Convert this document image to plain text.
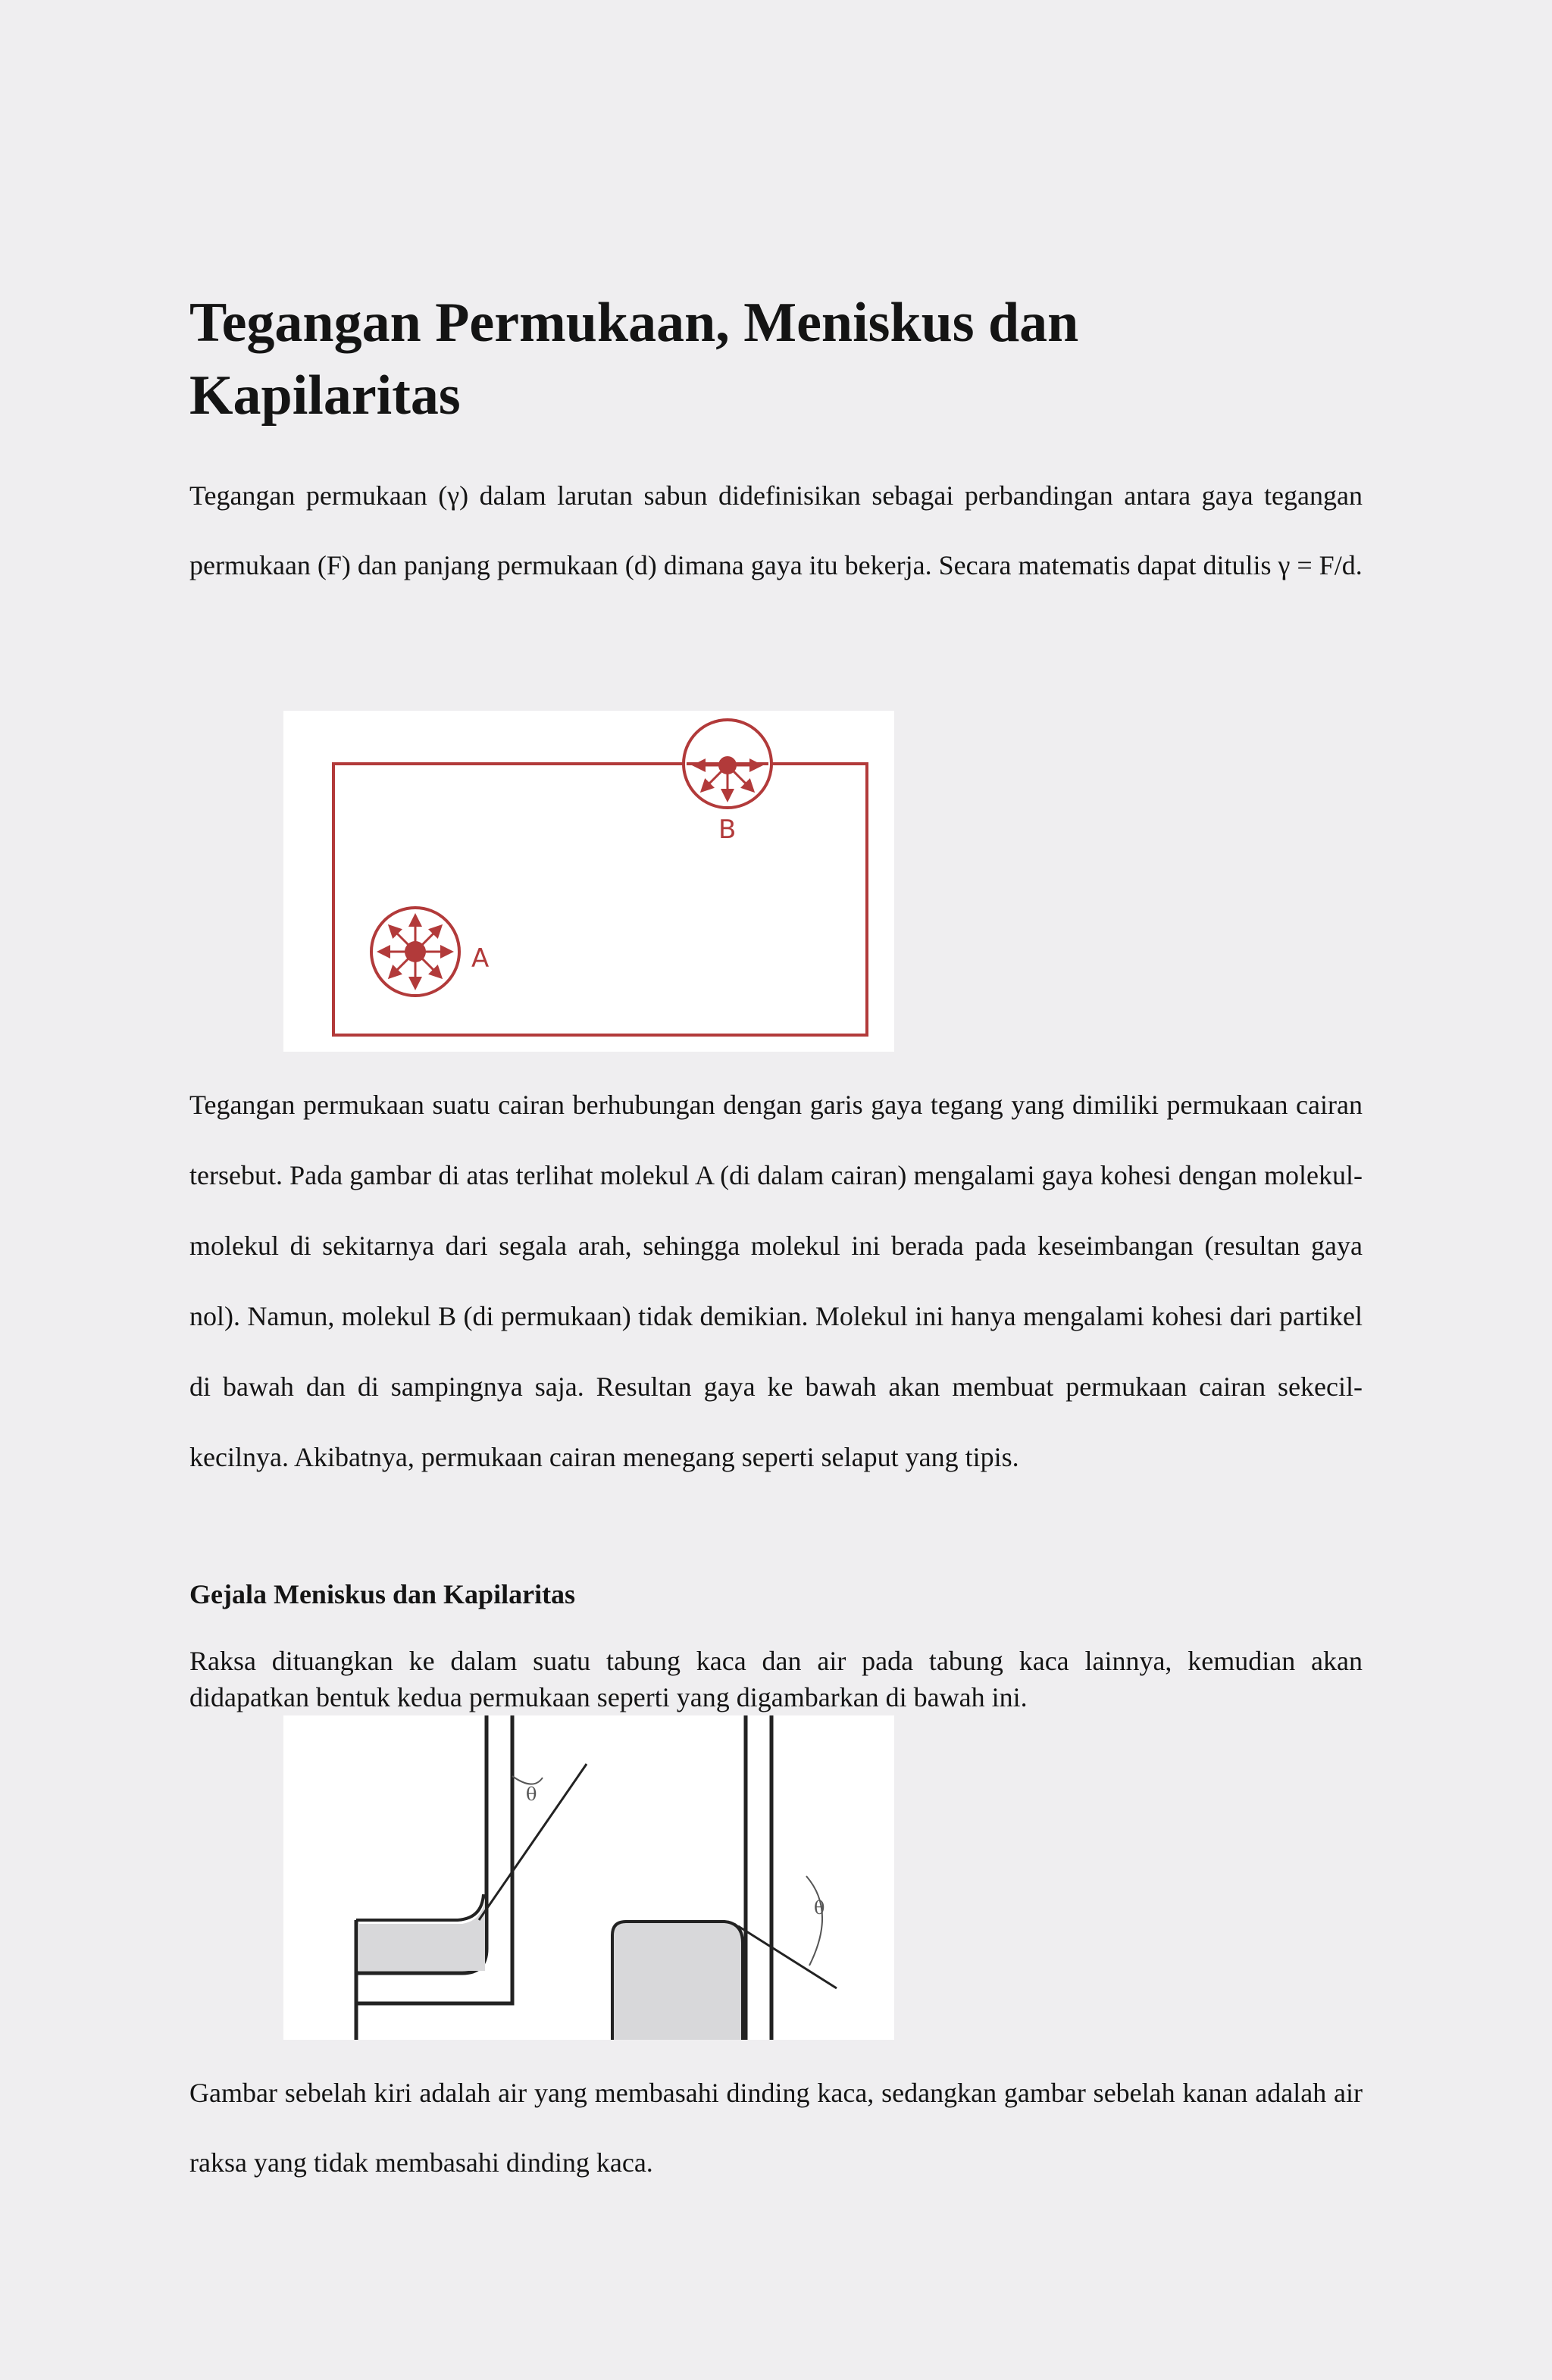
Tegangan Permukaan, Meniskus dan Kapilaritas

Tegangan permukaan (γ) dalam larutan sabun didefinisikan sebagai perbandingan antara gaya tegangan permukaan (F) dan panjang permukaan (d) dimana gaya itu bekerja. Secara matematis dapat ditulis γ = F/d.

Tegangan permukaan suatu cairan berhubungan dengan garis gaya tegang yang dimiliki permukaan cairan tersebut. Pada gambar di atas terlihat molekul A (di dalam cairan) mengalami gaya kohesi dengan molekul-molekul di sekitarnya dari segala arah, sehingga molekul ini berada pada keseimbangan (resultan gaya nol). Namun, molekul B (di permukaan) tidak demikian. Molekul ini hanya mengalami kohesi dari partikel di bawah dan di sampingnya saja. Resultan gaya ke bawah akan membuat permukaan cairan sekecil-kecilnya. Akibatnya, permukaan cairan menegang seperti selaput yang tipis.

Gejala Meniskus dan Kapilaritas

Raksa dituangkan ke dalam suatu tabung kaca dan air pada tabung kaca lainnya, kemudian akan didapatkan bentuk kedua permukaan seperti yang digambarkan di bawah ini.

Gambar sebelah kiri adalah air yang membasahi dinding kaca, sedangkan gambar sebelah kanan adalah air raksa yang tidak membasahi dinding kaca.

A
B
θ
θ
